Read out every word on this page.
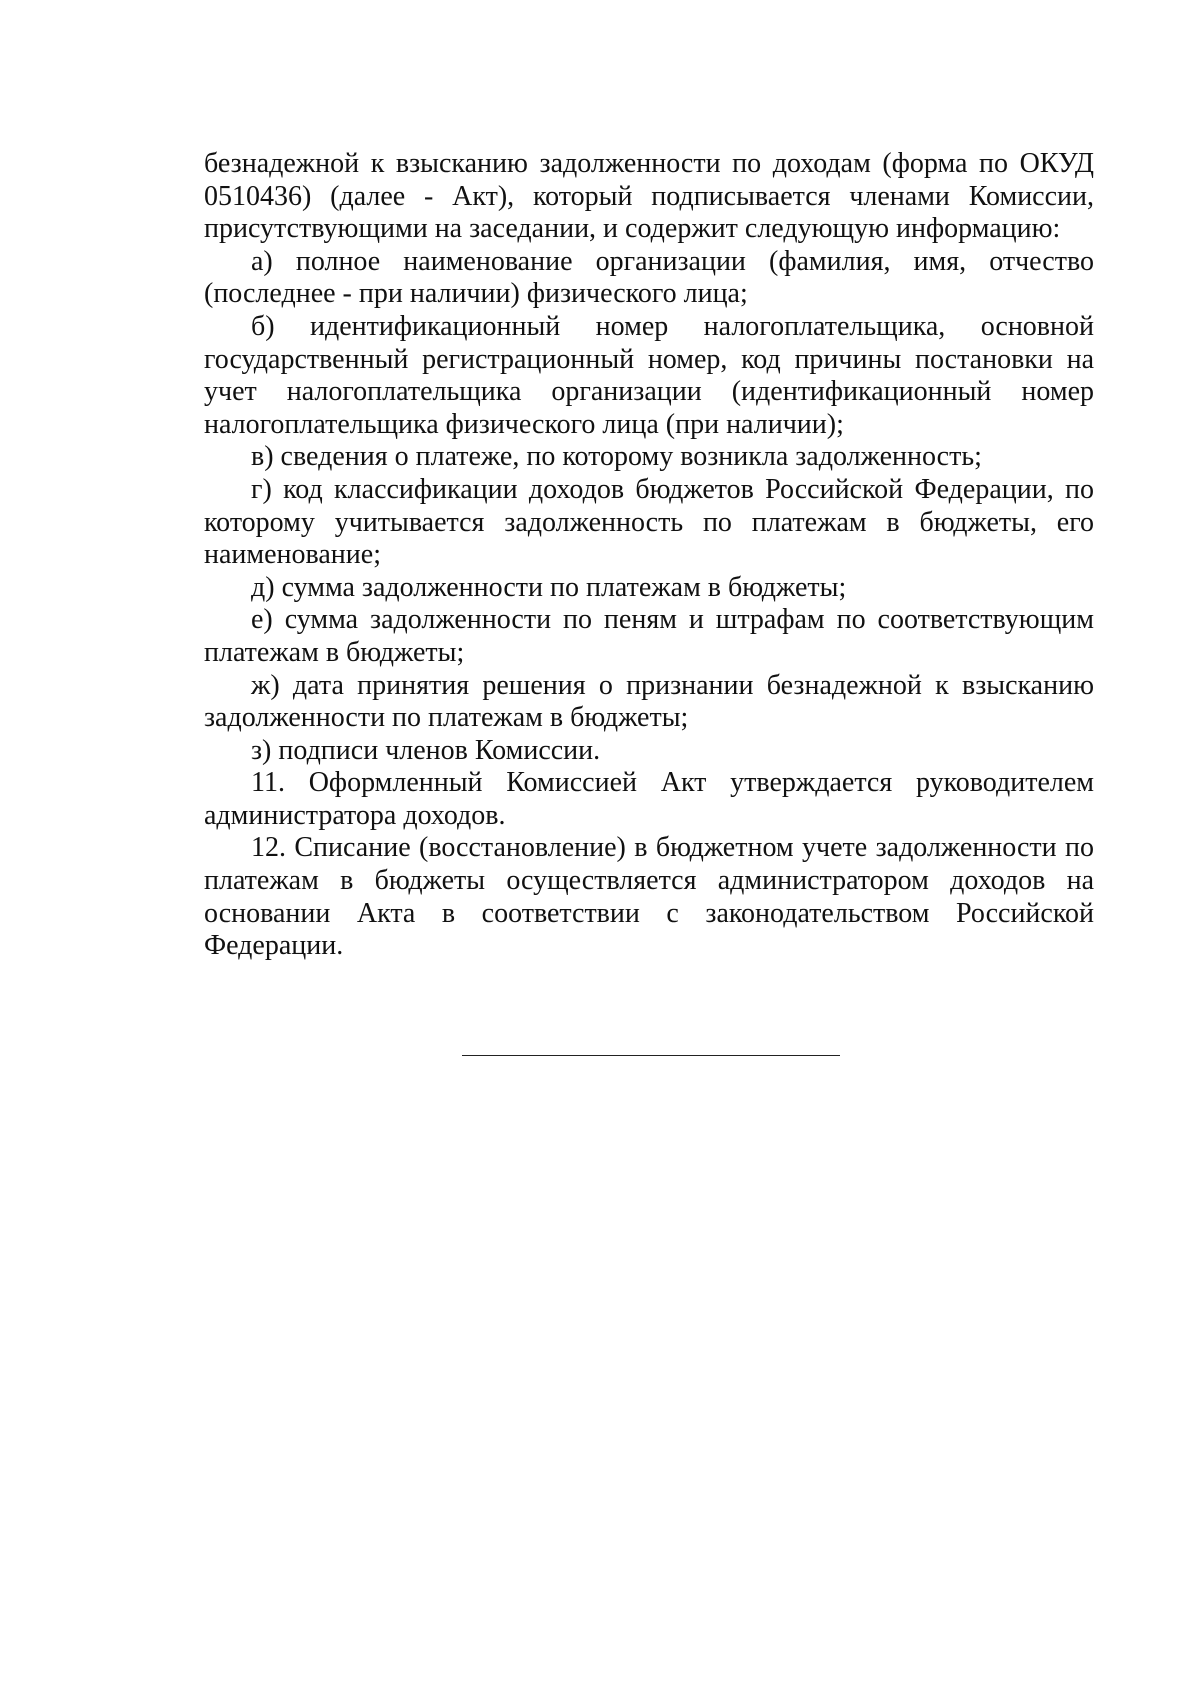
безнадежной к взысканию задолженности по доходам (форма по ОКУД 0510436) (далее - Акт), который подписывается членами Комиссии, присутствующими на заседании, и содержит следующую информацию:

а) полное наименование организации (фамилия, имя, отчество (последнее - при наличии) физического лица;

б) идентификационный номер налогоплательщика, основной государственный регистрационный номер, код причины постановки на учет налогоплательщика организации (идентификационный номер налогоплательщика физического лица (при наличии);

в) сведения о платеже, по которому возникла задолженность;

г) код классификации доходов бюджетов Российской Федерации, по которому учитывается задолженность по платежам в бюджеты, его наименование;

д) сумма задолженности по платежам в бюджеты;

е) сумма задолженности по пеням и штрафам по соответствующим платежам в бюджеты;

ж) дата принятия решения о признании безнадежной к взысканию задолженности по платежам в бюджеты;

з) подписи членов Комиссии.

11. Оформленный Комиссией Акт утверждается руководителем администратора доходов.

12. Списание (восстановление) в бюджетном учете задолженности по платежам в бюджеты осуществляется администратором доходов на основании Акта в соответствии с законодательством Российской Федерации.
